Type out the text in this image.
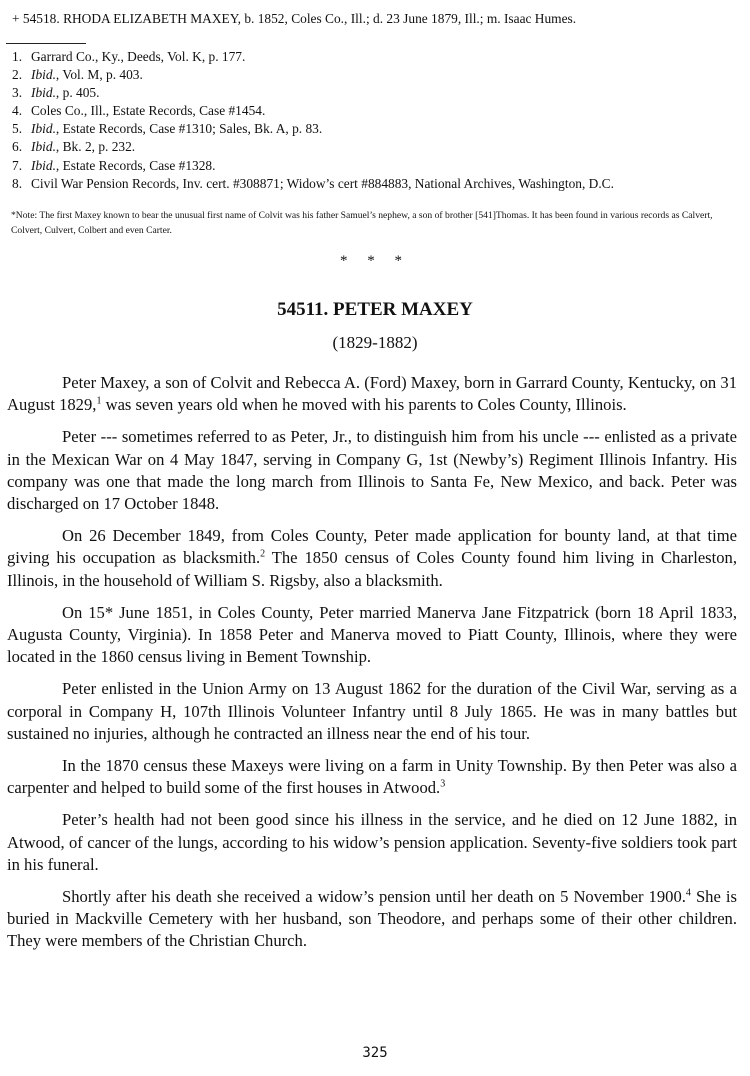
+ 54518. RHODA ELIZABETH MAXEY, b. 1852, Coles Co., Ill.; d. 23 June 1879, Ill.; m. Isaac Humes.
1. Garrard Co., Ky., Deeds, Vol. K, p. 177.
2. Ibid., Vol. M, p. 403.
3. Ibid., p. 405.
4. Coles Co., Ill., Estate Records, Case #1454.
5. Ibid., Estate Records, Case #1310; Sales, Bk. A, p. 83.
6. Ibid., Bk. 2, p. 232.
7. Ibid., Estate Records, Case #1328.
8. Civil War Pension Records, Inv. cert. #308871; Widow’s cert #884883, National Archives, Washington, D.C.
*Note: The first Maxey known to bear the unusual first name of Colvit was his father Samuel’s nephew, a son of brother [541]Thomas. It has been found in various records as Calvert, Colvert, Culvert, Colbert and even Carter.
* * *
54511. PETER MAXEY
(1829-1882)

Peter Maxey, a son of Colvit and Rebecca A. (Ford) Maxey, born in Garrard County, Kentucky, on 31 August 1829,$^1$ was seven years old when he moved with his parents to Coles County, Illinois.

Peter --- sometimes referred to as Peter, Jr., to distinguish him from his uncle --- enlisted as a private in the Mexican War on 4 May 1847, serving in Company G, 1st (Newby’s) Regiment Illinois Infantry. His company was one that made the long march from Illinois to Santa Fe, New Mexico, and back. Peter was discharged on 17 October 1848.

On 26 December 1849, from Coles County, Peter made application for bounty land, at that time giving his occupation as blacksmith.$^2$ The 1850 census of Coles County found him living in Charleston, Illinois, in the household of William S. Rigsby, also a blacksmith.

On 15* June 1851, in Coles County, Peter married Manerva Jane Fitzpatrick (born 18 April 1833, Augusta County, Virginia). In 1858 Peter and Manerva moved to Piatt County, Illinois, where they were located in the 1860 census living in Bement Township.

Peter enlisted in the Union Army on 13 August 1862 for the duration of the Civil War, serving as a corporal in Company H, 107th Illinois Volunteer Infantry until 8 July 1865. He was in many battles but sustained no injuries, although he contracted an illness near the end of his tour.

In the 1870 census these Maxeys were living on a farm in Unity Township. By then Peter was also a carpenter and helped to build some of the first houses in Atwood.$^3$

Peter’s health had not been good since his illness in the service, and he died on 12 June 1882, in Atwood, of cancer of the lungs, according to his widow’s pension application. Seventy-five soldiers took part in his funeral.

Shortly after his death she received a widow’s pension until her death on 5 November 1900.$^4$ She is buried in Mackville Cemetery with her husband, son Theodore, and perhaps some of their other children. They were members of the Christian Church.

325
